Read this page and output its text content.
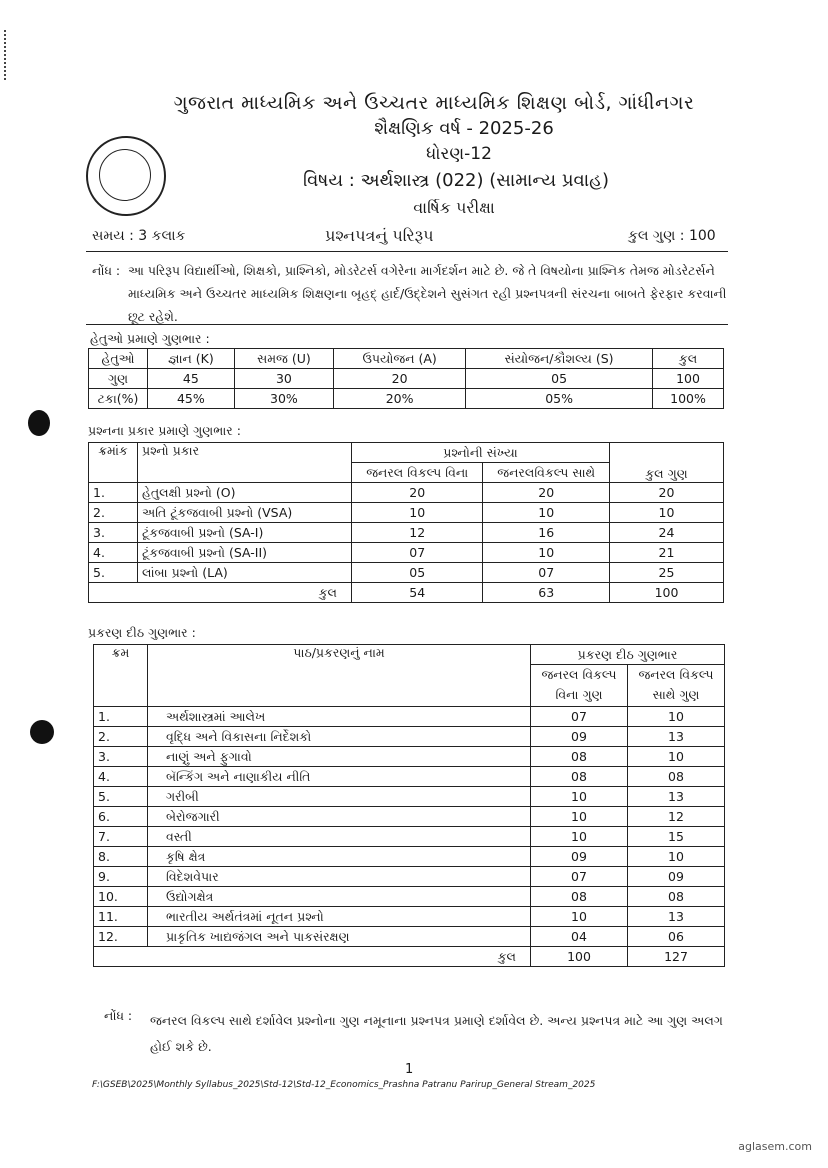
ગુજરાત માધ્યમિક અને ઉચ્ચતર માધ્યમિક શિક્ષણ બોર્ડ, ગાંધીનગર
શૈક્ષણિક વર્ષ - 2025-26
ધોરણ-12
વિષય : અર્થશાસ્ત્ર (022) (સામાન્ય પ્રવાહ)
વાર્ષિક પરીક્ષા
સમય : 3 કલાક	પ્રશ્નપત્રનું પરિરૂપ	કુલ ગુણ : 100
નોંધ : આ પરિરૂપ વિદ્યાર્થીઓ, શિક્ષકો, પ્રાશ્નિકો, મોડરેટર્સ વગેરેના માર્ગદર્શન માટે છે. જે તે વિષયોના પ્રાશ્નિક તેમજ મોડરેટર્સને માધ્યમિક અને ઉચ્ચતર માધ્યમિક શિક્ષણના બૃહદ્ હાર્દ/ઉદ્દેશને સુસંગત રહી પ્રશ્નપત્રની સંરચના બાબતે ફેરફાર કરવાની છૂટ રહેશે.
હેતુઓ પ્રમાણે ગુણભાર :
હેતુઓ	જ્ઞાન (K)	સમજ (U)	ઉપયોજન (A)	સંયોજન/કૌશલ્ય (S)	કુલ
ગુણ	45	30	20	05	100
ટકા(%)	45%	30%	20%	05%	100%
પ્રશ્નના પ્રકાર પ્રમાણે ગુણભાર :
ક્રમાંક	પ્રશ્નો પ્રકાર	પ્રશ્નોની સંખ્યા		કુલ ગુણ
		જનરલ વિકલ્પ વિના	જનરલવિકલ્પ સાથે	
1.	હેતુલક્ષી પ્રશ્નો (O)	20	20	20
2.	અતિ ટૂંકજવાબી પ્રશ્નો (VSA)	10	10	10
3.	ટૂંકજવાબી પ્રશ્નો (SA-I)	12	16	24
4.	ટૂંકજવાબી પ્રશ્નો (SA-II)	07	10	21
5.	લાંબા પ્રશ્નો (LA)	05	07	25
કુલ		54	63	100
પ્રકરણ દીઠ ગુણભાર :
ક્રમ	પાઠ/પ્રકરણનું નામ	પ્રકરણ દીઠ ગુણભાર	
		જનરલ વિકલ્પ	જનરલ વિકલ્પ
		વિના ગુણ	સાથે ગુણ
1.	અર્થશાસ્ત્રમાં આલેખ	07	10
2.	વૃદ્ધિ અને વિકાસના નિર્દેશકો	09	13
3.	નાણું અને ફુગાવો	08	10
4.	બૅન્કિંગ અને નાણાકીય નીતિ	08	08
5.	ગરીબી	10	13
6.	બેરોજગારી	10	12
7.	વસ્તી	10	15
8.	કૃષિ ક્ષેત્ર	09	10
9.	વિદેશવેપાર	07	09
10.	ઉદ્યોગક્ષેત્ર	08	08
11.	ભારતીય અર્થતંત્રમાં નૂતન પ્રશ્નો	10	13
12.	પ્રાકૃતિક ખાદ્યજંગલ અને પાકસંરક્ષણ	04	06
કુલ		100	127
નોંધ : જનરલ વિકલ્પ સાથે દર્શાવેલ પ્રશ્નોના ગુણ નમૂનાના પ્રશ્નપત્ર પ્રમાણે દર્શાવેલ છે. અન્ય પ્રશ્નપત્ર માટે આ ગુણ અલગ હોઈ શકે છે.
1
F:\GSEB\2025\Monthly Syllabus_2025\Std-12\Std-12_Economics_Prashna Patranu Parirup_General Stream_2025
aglasem.com
